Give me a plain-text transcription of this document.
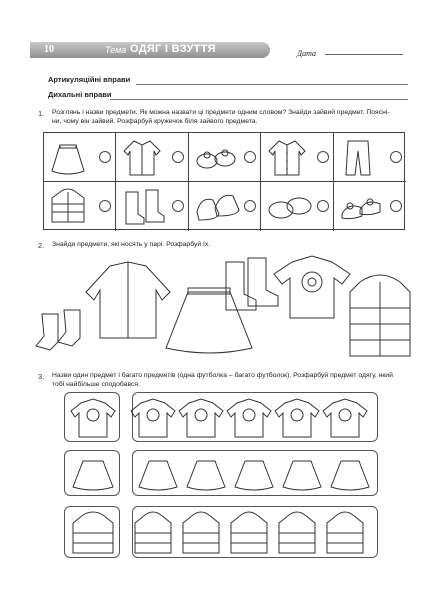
10	Тема ОДЯГ І ВЗУТТЯ	Дата
Артикуляційні вправи
Дихальні вправи
1. Розглянь і назви предмети. Як можна назвати ці предмети одним словом? Знайди зайвий предмет. Поясні-
ни, чому він зайвий. Розфарбуй кружечок біля зайвого предмета.
2. Знайди предмети, які носять у парі. Розфарбуй їх.
3. Назви один предмет і багато предметів (одна футболка – багато футболок). Розфарбуй предмет одягу, який
тобі найбільше сподобався.
